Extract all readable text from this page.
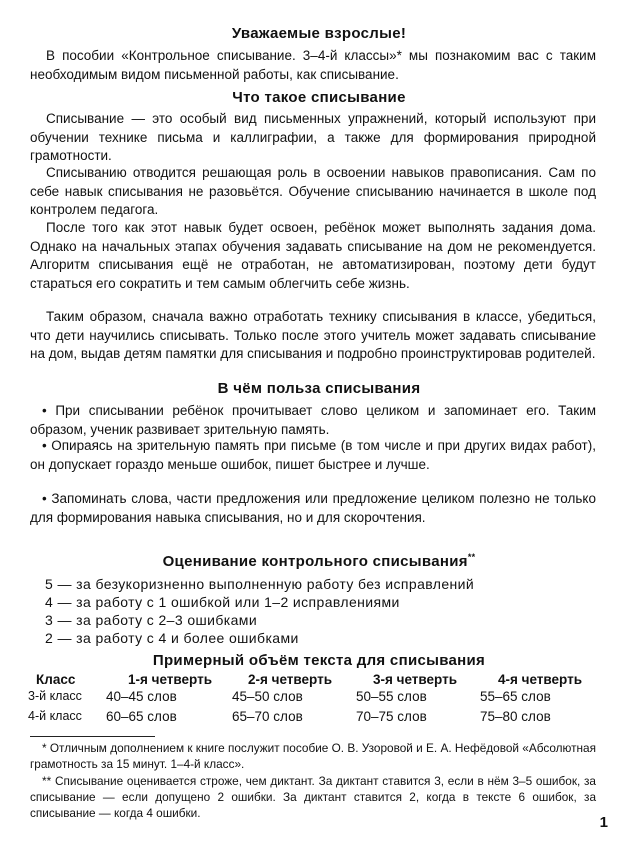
Уважаемые взрослые!

В пособии «Контрольное списывание. 3–4-й классы»* мы познакомим вас с таким необходимым видом письменной работы, как списывание.

Что такое списывание

Списывание — это особый вид письменных упражнений, который используют при обучении технике письма и каллиграфии, а также для формирования природной грамотности.

Списыванию отводится решающая роль в освоении навыков правописания. Сам по себе навык списывания не разовьётся. Обучение списыванию начинается в школе под контролем педагога.

После того как этот навык будет освоен, ребёнок может выполнять задания дома. Однако на начальных этапах обучения задавать списывание на дом не рекомендуется. Алгоритм списывания ещё не отработан, не автоматизирован, поэтому дети будут стараться его сократить и тем самым облегчить себе жизнь.

Таким образом, сначала важно отработать технику списывания в классе, убедиться, что дети научились списывать. Только после этого учитель может задавать списывание на дом, выдав детям памятки для списывания и подробно проинструктировав родителей.

В чём польза списывания

• При списывании ребёнок прочитывает слово целиком и запоминает его. Таким образом, ученик развивает зрительную память.

• Опираясь на зрительную память при письме (в том числе и при других видах работ), он допускает гораздо меньше ошибок, пишет быстрее и лучше.

• Запоминать слова, части предложения или предложение целиком полезно не только для формирования навыка списывания, но и для скорочтения.

Оценивание контрольного списывания**
5 — за безукоризненно выполненную работу без исправлений
4 — за работу с 1 ошибкой или 1–2 исправлениями
3 — за работу с 2–3 ошибками
2 — за работу с 4 и более ошибками
Примерный объём текста для списывания
Класс	1-я четверть	2-я четверть	3-я четверть	4-я четверть
3-й класс 40–45 слов	45–50 слов	50–55 слов	55–65 слов
4-й класс 60–65 слов	65–70 слов	70–75 слов	75–80 слов

* Отличным дополнением к книге послужит пособие О. В. Узоровой и Е. А. Нефёдовой «Абсолютная грамотность за 15 минут. 1–4-й класс».

** Списывание оценивается строже, чем диктант. За диктант ставится 3, если в нём 3–5 ошибок, за списывание — если допущено 2 ошибки. За диктант ставится 2, когда в тексте 6 ошибок, за списывание — когда 4 ошибки.

1
